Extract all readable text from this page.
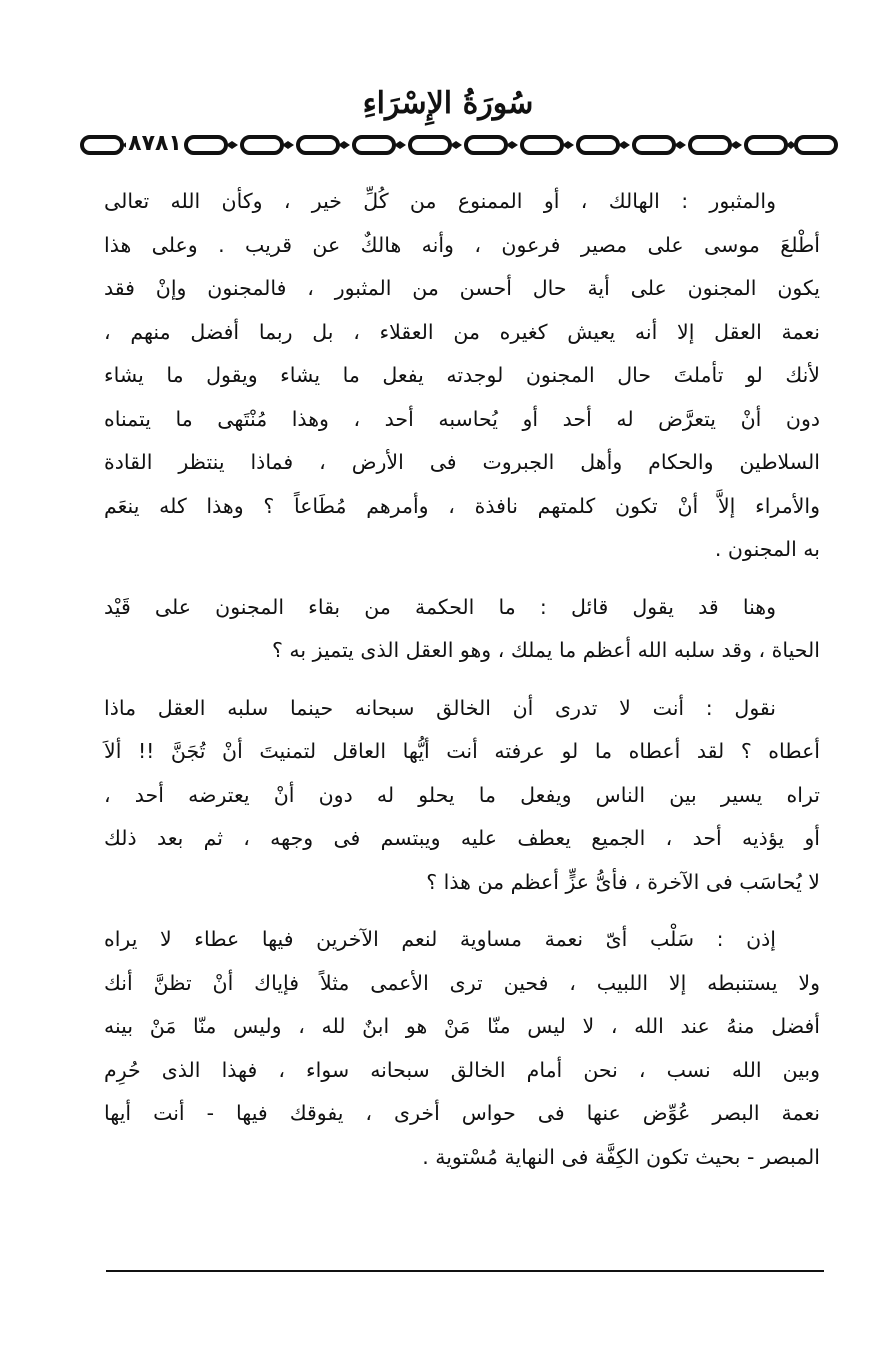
سُورَةُ الإِسْرَاءِ
٨٧٨١
والمثبور : الهالك ، أو الممنوع من كُلِّ خير ، وكأن الله تعالى
أطْلعَ موسى على مصير فرعون ، وأنه هالكٌ عن قريب . وعلى هذا
يكون المجنون على أية حال أحسن من المثبور ، فالمجنون وإنْ فقد
نعمة العقل إلا أنه يعيش كغيره من العقلاء ، بل ربما أفضل منهم ،
لأنك لو تأملتَ حال المجنون لوجدته يفعل ما يشاء ويقول ما يشاء
دون أنْ يتعرَّض له أحد أو يُحاسبه أحد ، وهذا مُنْتَهى ما يتمناه
السلاطين والحكام وأهل الجبروت فى الأرض ، فماذا ينتظر القادة
والأمراء إلاَّ أنْ تكون كلمتهم نافذة ، وأمرهم مُطَاعاً ؟ وهذا كله ينعَم
به المجنون .
وهنا قد يقول قائل : ما الحكمة من بقاء المجنون على قَيْد
الحياة ، وقد سلبه الله أعظم ما يملك ، وهو العقل الذى يتميز به ؟
نقول : أنت لا تدرى أن الخالق سبحانه حينما سلبه العقل ماذا
أعطاه ؟ لقد أعطاه ما لو عرفته أنت أيُّها العاقل لتمنيتَ أنْ تُجَنَّ !! ألاَ
تراه يسير بين الناس ويفعل ما يحلو له دون أنْ يعترضه أحد ،
أو يؤذيه أحد ، الجميع يعطف عليه ويبتسم فى وجهه ، ثم بعد ذلك
لا يُحاسَب فى الآخرة ، فأىُّ عزٍّ أعظم من هذا ؟
إذن : سَلْب أىّ نعمة مساوية لنعم الآخرين فيها عطاء لا يراه
ولا يستنبطه إلا اللبيب ، فحين ترى الأعمى مثلاً فإياك أنْ تظنَّ أنك
أفضل منهُ عند الله ، لا ليس منّا مَنْ هو ابنٌ لله ، وليس منّا مَنْ بينه
وبين الله نسب ، نحن أمام الخالق سبحانه سواء ، فهذا الذى حُرِم
نعمة البصر عُوِّض عنها فى حواس أخرى ، يفوقك فيها - أنت أيها
المبصر - بحيث تكون الكِفَّة فى النهاية مُسْتوية .
